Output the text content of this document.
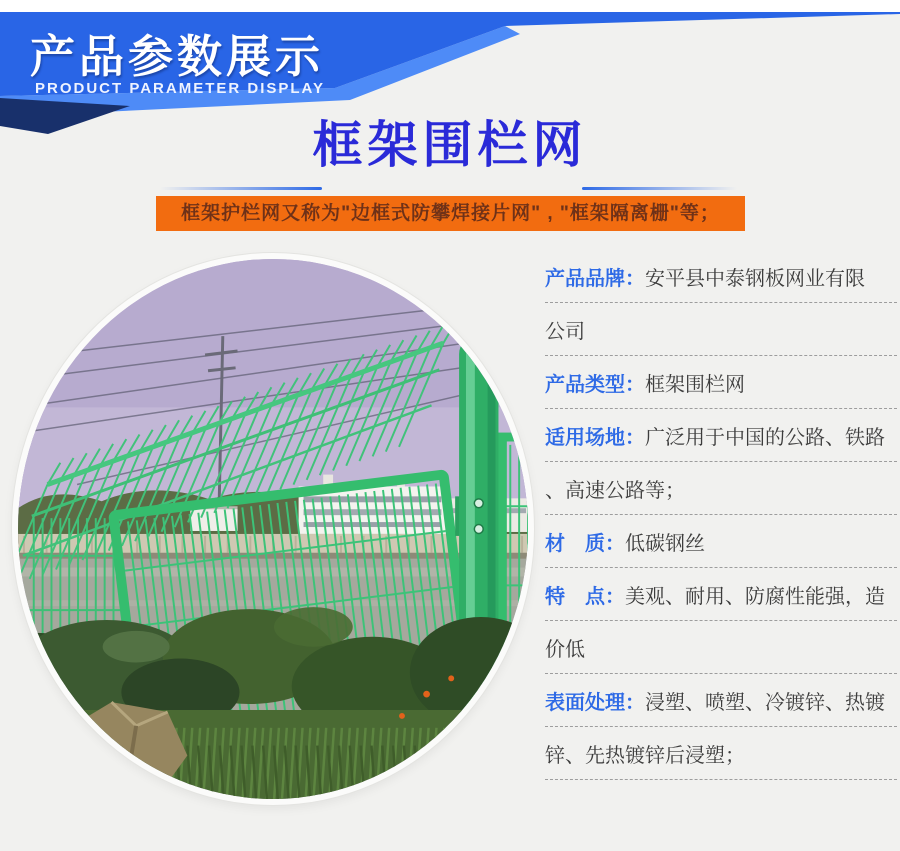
产品参数展示
PRODUCT PARAMETER DISPLAY
框架围栏网
框架护栏网又称为"边框式防攀焊接片网" , "框架隔离栅"等；
产品品牌： 安平县中泰钢板网业有限
公司
产品类型： 框架围栏网
适用场地： 广泛用于中国的公路、铁路
、高速公路等；
材　质： 低碳钢丝
特　点： 美观、耐用、防腐性能强，造
价低
表面处理： 浸塑、喷塑、冷镀锌、热镀
锌、先热镀锌后浸塑；
